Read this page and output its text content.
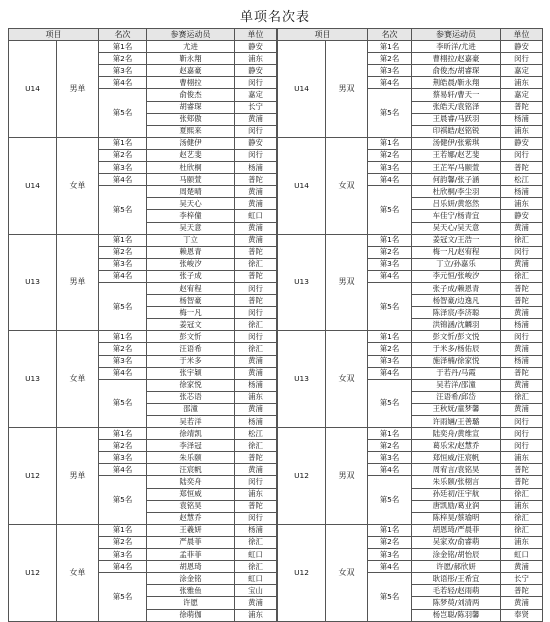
单项名次表
项目		名次	参赛运动员	单位
U14	男单	第1名	尤进	静安
		第2名	靳永翔	浦东
		第3名	赵嘉豪	静安
		第4名	曹栩拉	闵行
		第5名	俞俊杰	嘉定
			胡睿琛	长宁
			张郏傲	黄浦
			夏熙来	闵行
U14	女单	第1名	汤健伊	静安
		第2名	赵艺斐	闵行
		第3名	杜欣桐	杨浦
		第4名	马颐萱	普陀
		第5名	周楚晴	黄浦
			吴天心	黄浦
			李梓僮	虹口
			吴天意	黄浦
U13	男单	第1名	丁立	黄浦
		第2名	赖恩青	普陀
		第3名	张峻汐	徐汇
		第4名	张子成	普陀
		第5名	赵宥程	闵行
			杨智豪	普陀
			梅一凡	闵行
			姜冠文	徐汇
U13	女单	第1名	彭文忻	闵行
		第2名	汪语希	徐汇
		第3名	于米多	黄浦
		第4名	张宇颖	黄浦
		第5名	徐家悦	杨浦
			张芯语	浦东
			邵潼	黄浦
			吴若洋	杨浦
U12	男单	第1名	徐靖凯	松江
		第2名	李泽冠	徐汇
		第3名	朱乐颐	普陀
		第4名	汪宸帆	黄浦
		第5名	陆奕舟	闵行
			郑恒威	浦东
			袁铭昊	普陀
			赵慧乔	闵行
U12	女单	第1名	王羲妍	杨浦
		第2名	严晨菲	徐汇
		第3名	孟菲菲	虹口
		第4名	胡恩琦	徐汇
		第5名	涂金铭	虹口
			张雅鱼	宝山
			许愿	黄浦
			徐萌伽	浦东
项目		名次	参赛运动员	单位
U14	男双	第1名	李昕洋/尤进	静安
		第2名	曹栩拉/赵嘉豪	闵行
		第3名	俞俊杰/胡睿琛	嘉定
		第4名	荆皓晨/靳永翔	浦东
		第5名	蔡易轩/曹天一	嘉定
			张皓天/袁铭泽	普陀
			王晨睿/马跃羽	杨浦
			印祺皓/赵铭锐	浦东
U14	女双	第1名	汤健伊/张紫琪	静安
		第2名	王若娜/赵艺斐	闵行
		第3名	王芷军/马颐萱	普陀
		第4名	何韵馨/张子涵	松江
		第5名	杜欣桐/李尘羽	杨浦
			吕乐妍/黄悠然	浦东
			车佳宁/杨青宜	静安
			吴天心/吴天意	黄浦
U13	男双	第1名	姜冠文/王浩一	徐汇
		第2名	梅一凡/赵宥程	闵行
		第3名	丁立/孙嘉乐	黄浦
		第4名	李元恒/张峻汐	徐汇
		第5名	张子成/赖恩青	普陀
			杨智豪/边逸凡	普陀
			陈泽宸/李济聪	黄浦
			洪锦涵/沈麟羽	杨浦
U13	女双	第1名	彭文忻/彭文悦	闵行
		第2名	于米多/杨佑辰	黄浦
		第3名	施泽楠/徐家悦	杨浦
		第4名	于若丹/马霞	普陀
		第5名	吴若洋/邵潼	黄浦
			汪语希/邱岱	徐汇
			王秋妩/童梦馨	黄浦
			许雨婳/王善璐	闵行
U12	男双	第1名	陆奕舟/黄维宣	闵行
		第2名	葛乐宋/赵慧乔	闵行
		第3名	郑恒威/汪宸帆	浦东
		第4名	周宥言/袁铭昊	普陀
		第5名	朱乐颐/张栩言	普陀
			孙廷初/汪宇航	徐汇
			唐凯励/葛业润	浦东
			陈梓昊/蔡瑜明	徐汇
U12	女双	第1名	胡恩琦/严晨菲	徐汇
		第2名	吴家欢/俞睿萌	浦东
		第3名	涂金铭/胡怡辰	虹口
		第4名	许愿/郝欣妍	黄浦
		第5名	耿语彤/王希宜	长宁
			毛若轻/赵雨萌	普陀
			陈梦萸/刘清两	黄浦
			杨岂聪/陈羽馨	奉贤
